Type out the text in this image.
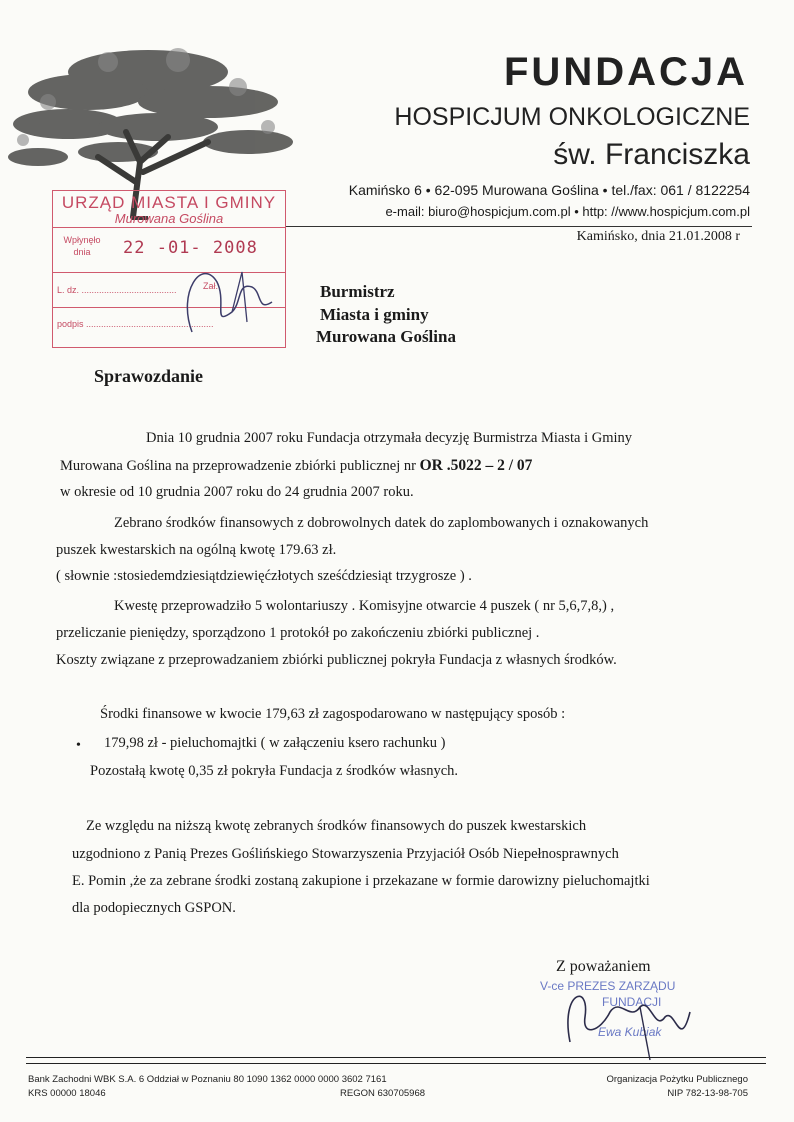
FUNDACJA
HOSPICJUM ONKOLOGICZNE
św. Franciszka
Kamińsko 6 • 62-095 Murowana Goślina • tel./fax: 061 / 8122254
e-mail: biuro@hospicjum.com.pl • http: //www.hospicjum.com.pl
Kamińsko, dnia 21.01.2008 r
URZĄD MIASTA I GMINY
Murowana Goślina
Wpłynęło dnia	22 -01- 2008
L. dz. ......................................	Zał.
podpis ...................................................
Burmistrz
Miasta i gminy
Murowana Goślina
Sprawozdanie
Dnia 10 grudnia 2007 roku Fundacja otrzymała decyzję Burmistrza Miasta i Gminy
Murowana Goślina na przeprowadzenie zbiórki publicznej nr OR .5022 – 2 / 07
w okresie od 10 grudnia 2007 roku do 24 grudnia 2007 roku.
Zebrano środków finansowych z dobrowolnych datek do zaplombowanych i oznakowanych
puszek kwestarskich na ogólną kwotę 179.63 zł.
( słownie :stosiedemdziesiątdziewięćzłotych sześćdziesiąt trzygrosze ) .
Kwestę przeprowadziło 5 wolontariuszy . Komisyjne otwarcie 4 puszek ( nr 5,6,7,8,) ,
przeliczanie pieniędzy, sporządzono 1 protokół po zakończeniu zbiórki publicznej .
Koszty związane z przeprowadzaniem zbiórki publicznej pokryła Fundacja z własnych środków.
Środki finansowe w kwocie 179,63 zł zagospodarowano w następujący sposób :
• 179,98 zł - pieluchomajtki ( w załączeniu ksero rachunku )
Pozostałą kwotę 0,35 zł pokryła Fundacja z środków własnych.
Ze względu na niższą kwotę zebranych środków finansowych do puszek kwestarskich
uzgodniono z Panią Prezes Goślińskiego Stowarzyszenia Przyjaciół Osób Niepełnosprawnych
E. Pomin ,że za zebrane środki zostaną zakupione i przekazane w formie darowizny pieluchomajtki
dla podopiecznych GSPON.
Z poważaniem
V-ce PREZES ZARZĄDU
FUNDACJI
Ewa Kubiak
Bank Zachodni WBK S.A. 6 Oddział w Poznaniu 80 1090 1362 0000 0000 3602 7161
KRS 00000 18046	REGON 630705968
Organizacja Pożytku Publicznego
NIP 782-13-98-705
